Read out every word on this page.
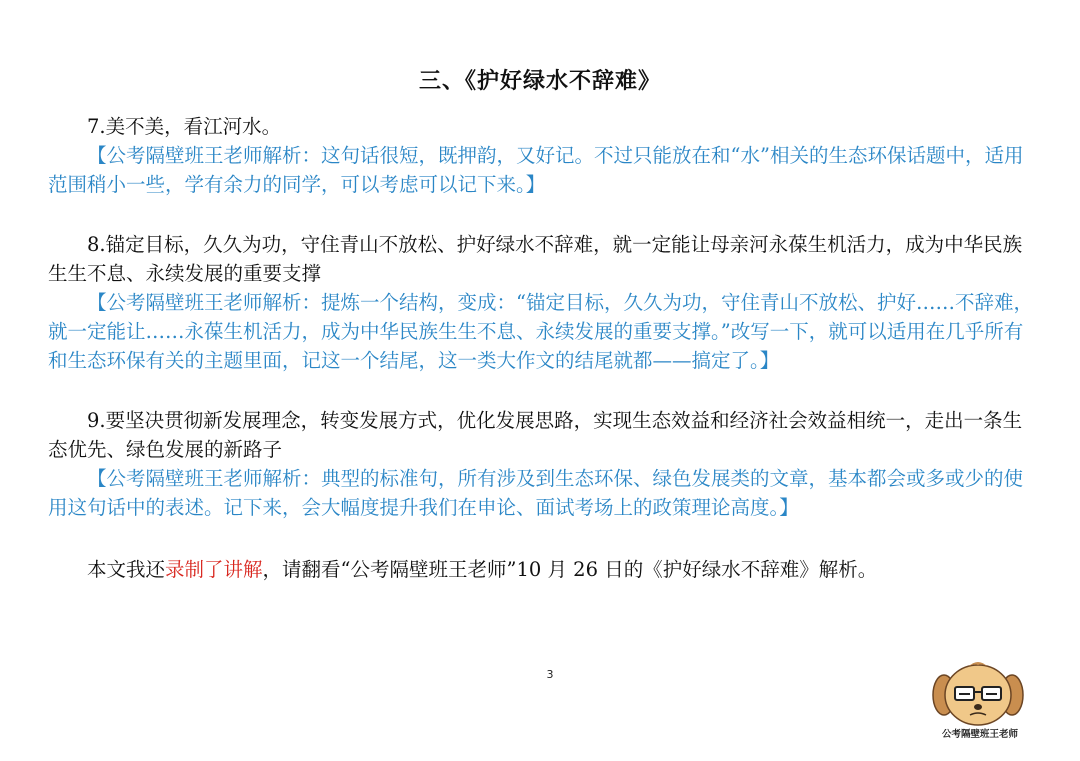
三、《护好绿水不辞难》

7.美不美，看江河水。

【公考隔壁班王老师解析：这句话很短，既押韵，又好记。不过只能放在和“水”相关的生态环保话题中，适用范围稍小一些，学有余力的同学，可以考虑可以记下来。】

8.锚定目标，久久为功，守住青山不放松、护好绿水不辞难，就一定能让母亲河永葆生机活力，成为中华民族生生不息、永续发展的重要支撑

【公考隔壁班王老师解析：提炼一个结构，变成：“锚定目标，久久为功，守住青山不放松、护好……不辞难，就一定能让……永葆生机活力，成为中华民族生生不息、永续发展的重要支撑。”改写一下，就可以适用在几乎所有和生态环保有关的主题里面，记这一个结尾，这一类大作文的结尾就都——搞定了。】

9.要坚决贯彻新发展理念，转变发展方式，优化发展思路，实现生态效益和经济社会效益相统一，走出一条生态优先、绿色发展的新路子

【公考隔壁班王老师解析：典型的标准句，所有涉及到生态环保、绿色发展类的文章，基本都会或多或少的使用这句话中的表述。记下来，会大幅度提升我们在申论、面试考场上的政策理论高度。】

本文我还录制了讲解，请翻看“公考隔壁班王老师”10 月 26 日的《护好绿水不辞难》解析。

3
公考隔壁班王老师
